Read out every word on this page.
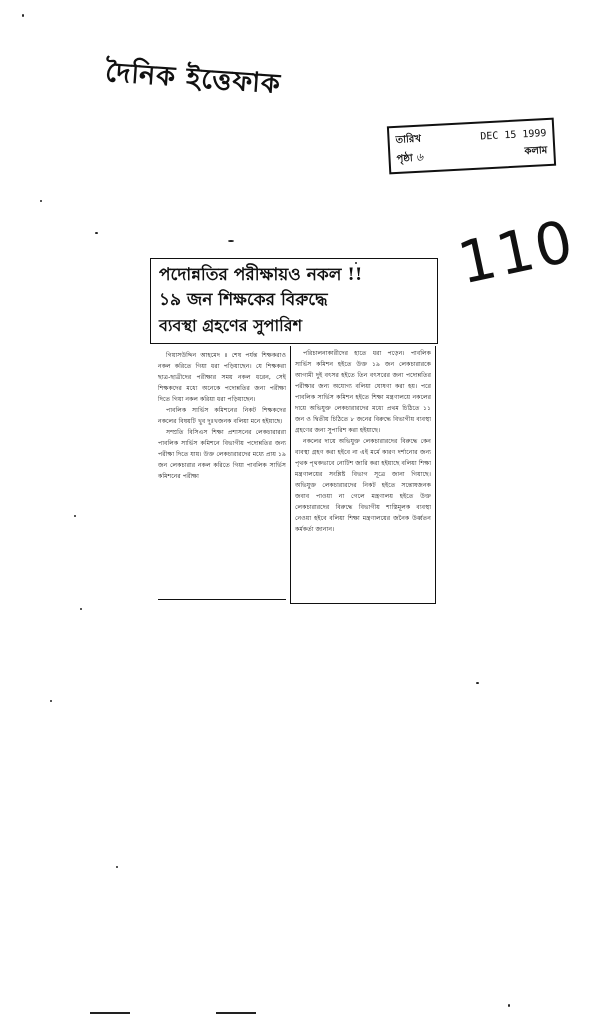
দৈনিক ইত্তেফাক
তারিখ	DEC 15 1999
পৃষ্ঠা ৬	কলাম
110
পদোন্নতির পরীক্ষায়ও নকল !!
১৯ জন শিক্ষকের বিরুদ্ধে
ব্যবস্থা গ্রহণের সুপারিশ

গিয়াসউদ্দিন আহমেদ ॥ শেষ পর্যন্ত শিক্ষকরাও নকল করিতে গিয়া ধরা পড়িয়াছেন। যে শিক্ষকরা ছাত্র-ছাত্রীদের পরীক্ষার সময় নকল ধরেন, সেই শিক্ষকদের মধ্যে অনেকে পদোন্নতির জন্য পরীক্ষা দিতে গিয়া নকল করিয়া ধরা পড়িয়াছেন।

পাবলিক সার্ভিস কমিশনের নিকট শিক্ষকদের নকলের বিষয়টি খুব দুঃখজনক বলিয়া মনে হইয়াছে।

সম্প্রতি বিসিএস শিক্ষা প্রশাসনের লেকচারাররা পাবলিক সার্ভিস কমিশনে বিভাগীয় পদোন্নতির জন্য পরীক্ষা দিতে যায়। উক্ত লেকচারারদের মধ্যে প্রায় ১৯ জন লেকচারার নকল করিতে গিয়া পাবলিক সার্ভিস কমিশনের পরীক্ষা

পরিচালনাকারীদের হাতে ধরা পড়েন। পাবলিক সার্ভিস কমিশন হইতে উক্ত ১৯ জন লেকচারারকে আগামী দুই বৎসর হইতে তিন বৎসরের জন্য পদোন্নতির পরীক্ষার জন্য অযোগ্য বলিয়া ঘোষণা করা হয়। পরে পাবলিক সার্ভিস কমিশন হইতে শিক্ষা মন্ত্রণালয়ে নকলের দায়ে অভিযুক্ত লেকচারারদের মধ্যে প্রথম চিঠিতে ১১ জন ও দ্বিতীয় চিঠিতে ৮ জনের বিরুদ্ধে বিভাগীয় ব্যবস্থা গ্রহণের জন্য সুপারিশ করা হইয়াছে।

নকলের দায়ে অভিযুক্ত লেকচারারদের বিরুদ্ধে কেন ব্যবস্থা গ্রহণ করা হইবে না এই মর্মে কারণ দর্শানোর জন্য পৃথক পৃথকভাবে নোটিশ জারি করা হইয়াছে বলিয়া শিক্ষা মন্ত্রণালয়ের সংশ্লিষ্ট বিভাগ সূত্রে জানা গিয়াছে। অভিযুক্ত লেকচারারদের নিকট হইতে সন্তোষজনক জবাব পাওয়া না গেলে মন্ত্রণালয় হইতে উক্ত লেকচারারদের বিরুদ্ধে বিভাগীয় শাস্তিমূলক ব্যবস্থা নেওয়া হইবে বলিয়া শিক্ষা মন্ত্রণালয়ের জনৈক উর্ধ্বতন কর্মকর্তা জানান।
